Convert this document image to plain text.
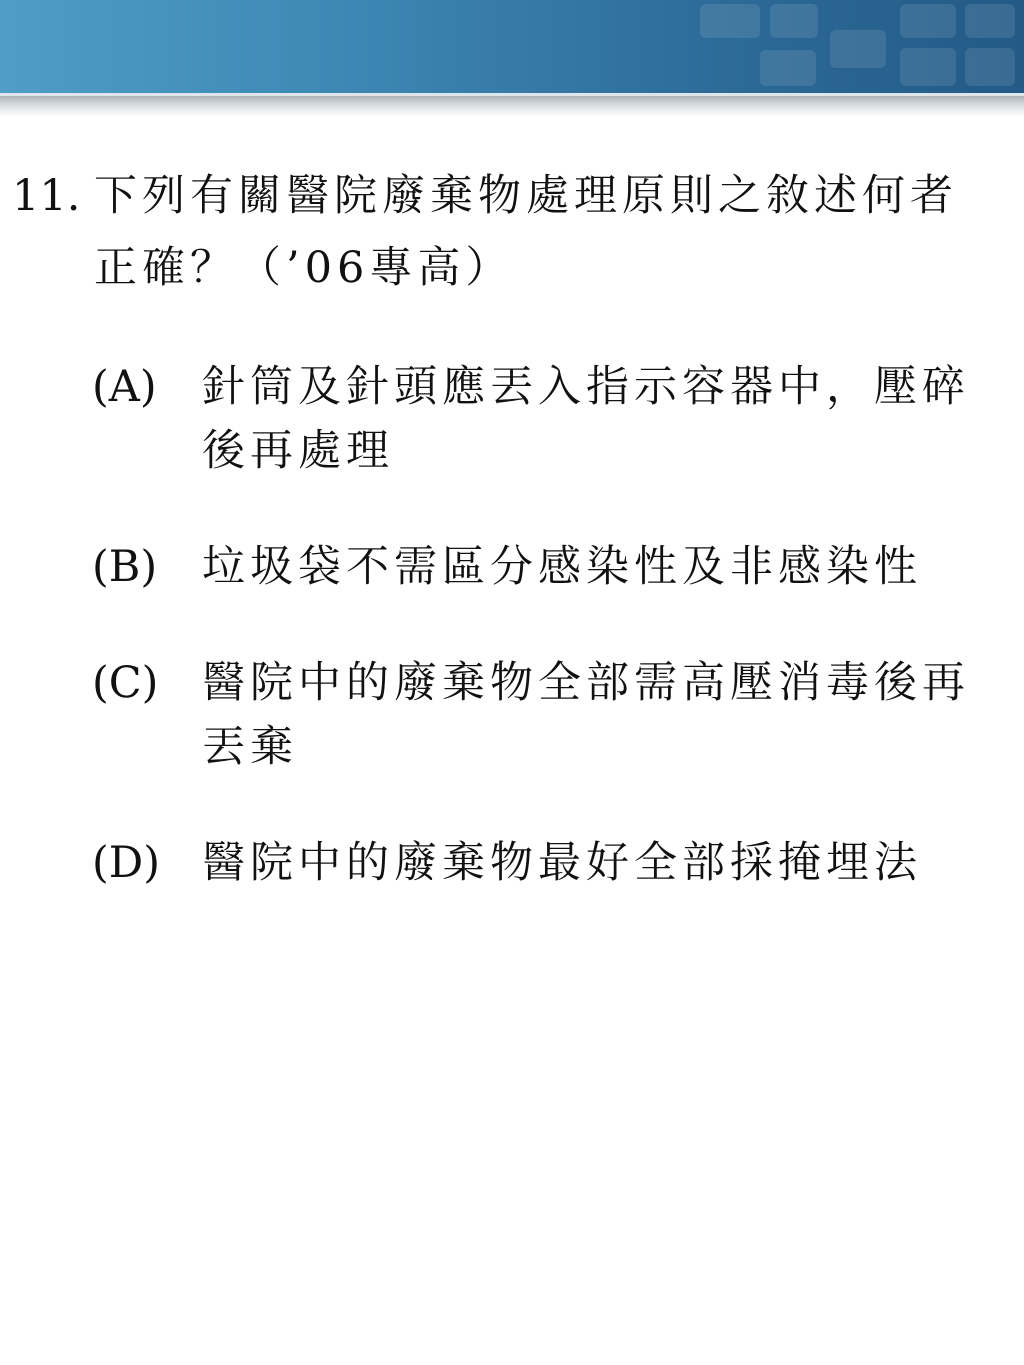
11. 下列有關醫院廢棄物處理原則之敘述何者正確？（’06專高）
(A)	針筒及針頭應丟入指示容器中，壓碎後再處理
(B)	垃圾袋不需區分感染性及非感染性
(C)	醫院中的廢棄物全部需高壓消毒後再丟棄
(D) 醫院中的廢棄物最好全部採掩埋法
